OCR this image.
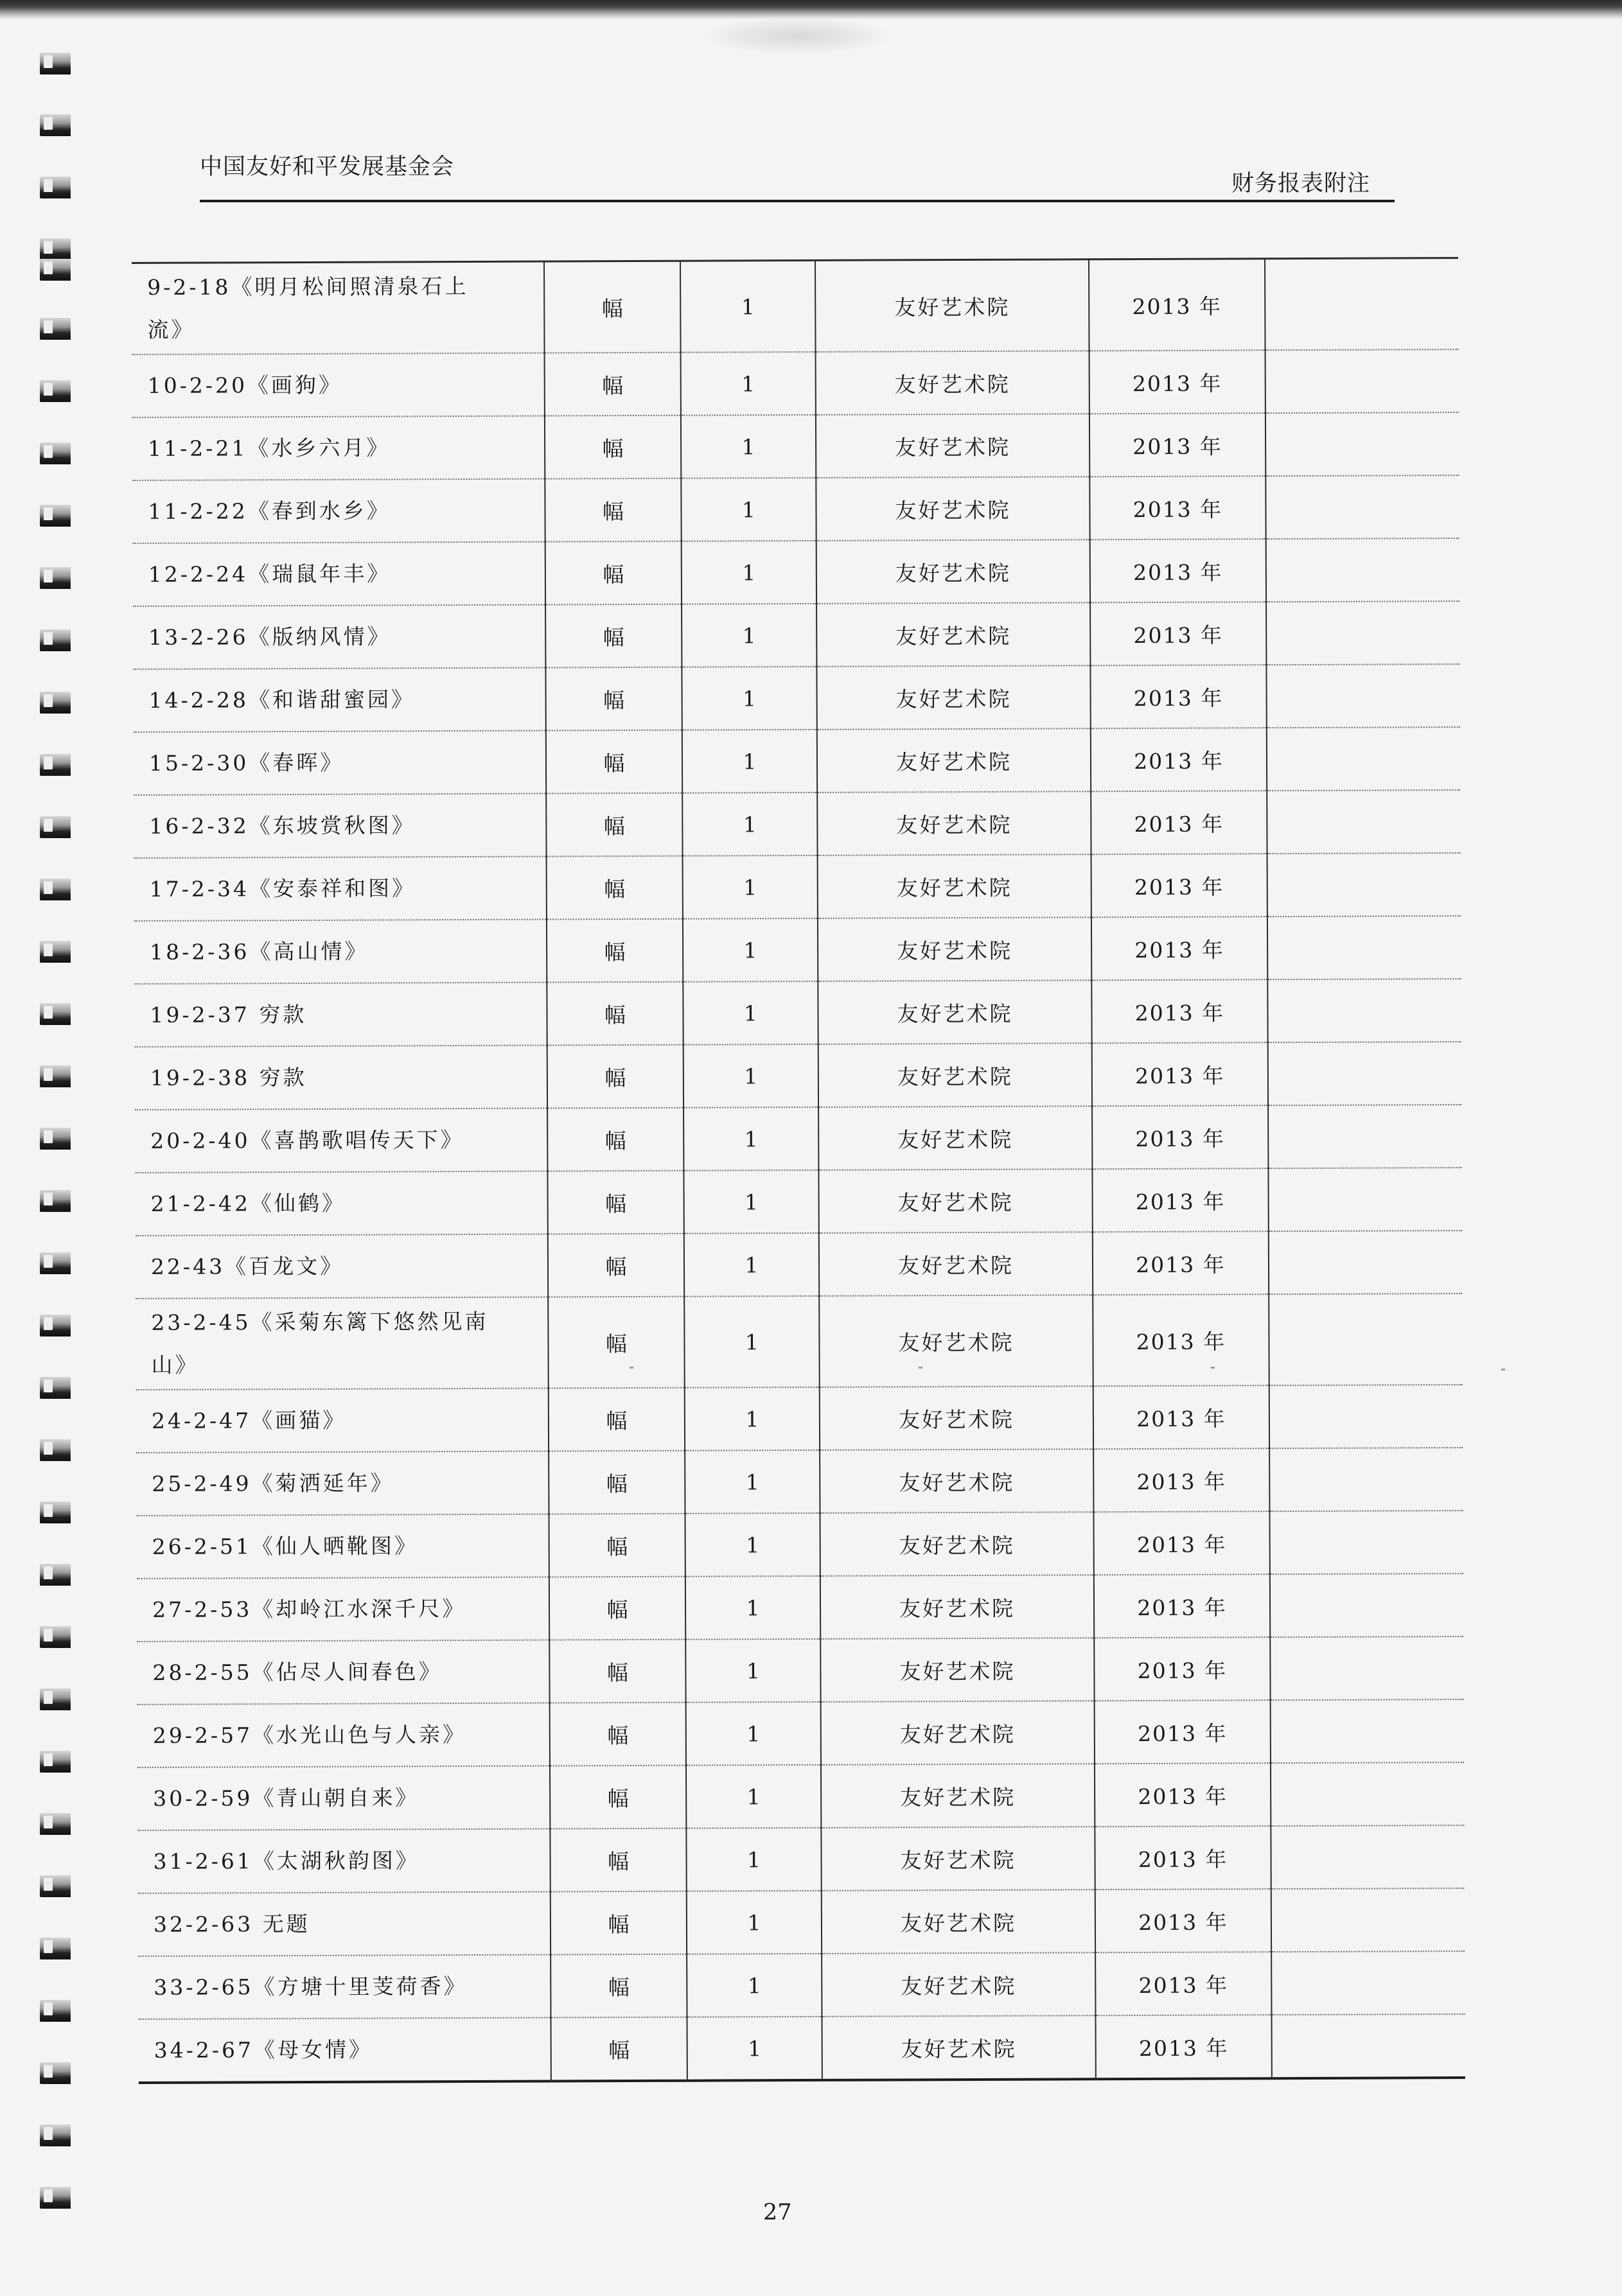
中国友好和平发展基金会
财务报表附注
9-2-18《明月松间照清泉石上
流》	幅	1	友好艺术院	2013 年	
10-2-20《画狗》	幅	1	友好艺术院	2013 年	
11-2-21《水乡六月》	幅	1	友好艺术院	2013 年	
11-2-22《春到水乡》	幅	1	友好艺术院	2013 年	
12-2-24《瑞鼠年丰》	幅	1	友好艺术院	2013 年	
13-2-26《版纳风情》	幅	1	友好艺术院	2013 年	
14-2-28《和谐甜蜜园》	幅	1	友好艺术院	2013 年	
15-2-30《春晖》	幅	1	友好艺术院	2013 年	
16-2-32《东坡赏秋图》	幅	1	友好艺术院	2013 年	
17-2-34《安泰祥和图》	幅	1	友好艺术院	2013 年	
18-2-36《高山情》	幅	1	友好艺术院	2013 年	
19-2-37 穷款	幅	1	友好艺术院	2013 年	
19-2-38 穷款	幅	1	友好艺术院	2013 年	
20-2-40《喜鹊歌唱传天下》	幅	1	友好艺术院	2013 年	
21-2-42《仙鹤》	幅	1	友好艺术院	2013 年	
22-43《百龙文》	幅	1	友好艺术院	2013 年	
23-2-45《采菊东篱下悠然见南
山》	幅	1	友好艺术院	2013 年	
24-2-47《画猫》	幅	1	友好艺术院	2013 年	
25-2-49《菊洒延年》	幅	1	友好艺术院	2013 年	
26-2-51《仙人晒靴图》	幅	1	友好艺术院	2013 年	
27-2-53《却岭江水深千尺》	幅	1	友好艺术院	2013 年	
28-2-55《佔尽人间春色》	幅	1	友好艺术院	2013 年	
29-2-57《水光山色与人亲》	幅	1	友好艺术院	2013 年	
30-2-59《青山朝自来》	幅	1	友好艺术院	2013 年	
31-2-61《太湖秋韵图》	幅	1	友好艺术院	2013 年	
32-2-63 无题	幅	1	友好艺术院	2013 年	
33-2-65《方塘十里芰荷香》	幅	1	友好艺术院	2013 年	
34-2-67《母女情》	幅	1	友好艺术院	2013 年	
27
